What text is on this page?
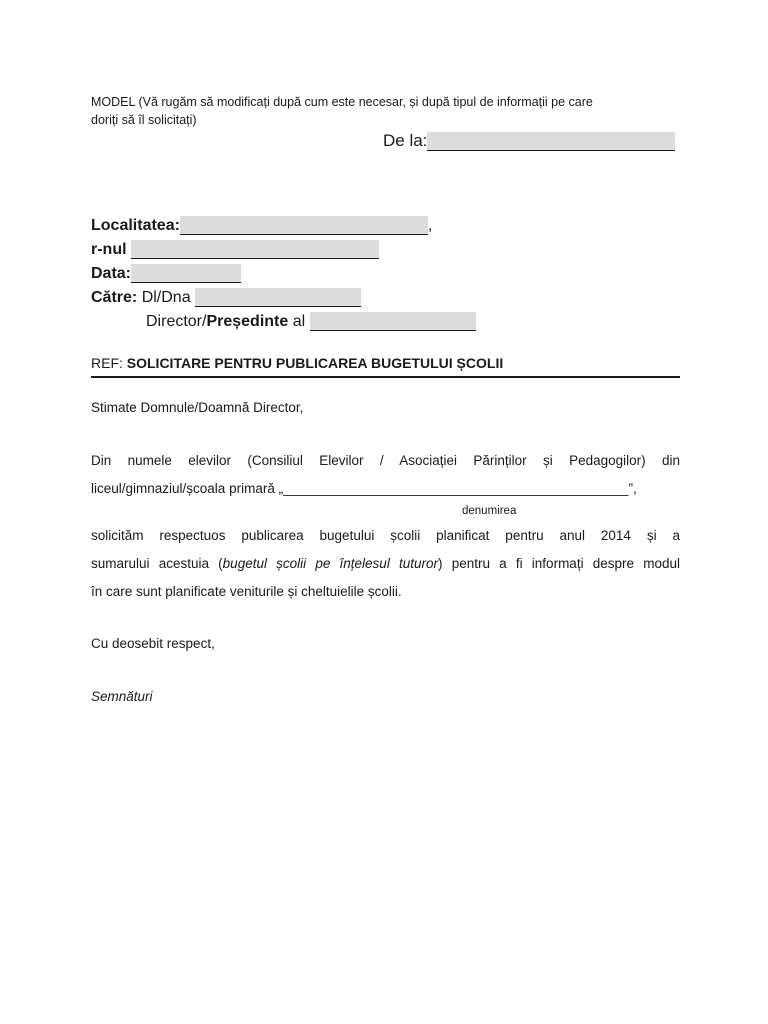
MODEL (Vă rugăm să modificați după cum este necesar, și după tipul de informații pe care
doriți să îl solicitați)
De la:
Localitatea:	,
r-nul
Data:
Către: Dl/Dna
Director/Președinte al
REF: SOLICITARE PENTRU PUBLICAREA BUGETULUI ȘCOLII
Stimate Domnule/Doamnă Director,
Din numele elevilor (Consiliul Elevilor / Asociației Părinților și Pedagogilor) din
liceul/gimnaziul/școala primară „______________________________________________”,
denumirea
solicităm respectuos publicarea bugetului școlii planificat pentru anul 2014 și a
sumarului acestuia (bugetul școlii pe înțelesul tuturor) pentru a fi informați despre modul
în care sunt planificate veniturile și cheltuielile școlii.
Cu deosebit respect,
Semnături
